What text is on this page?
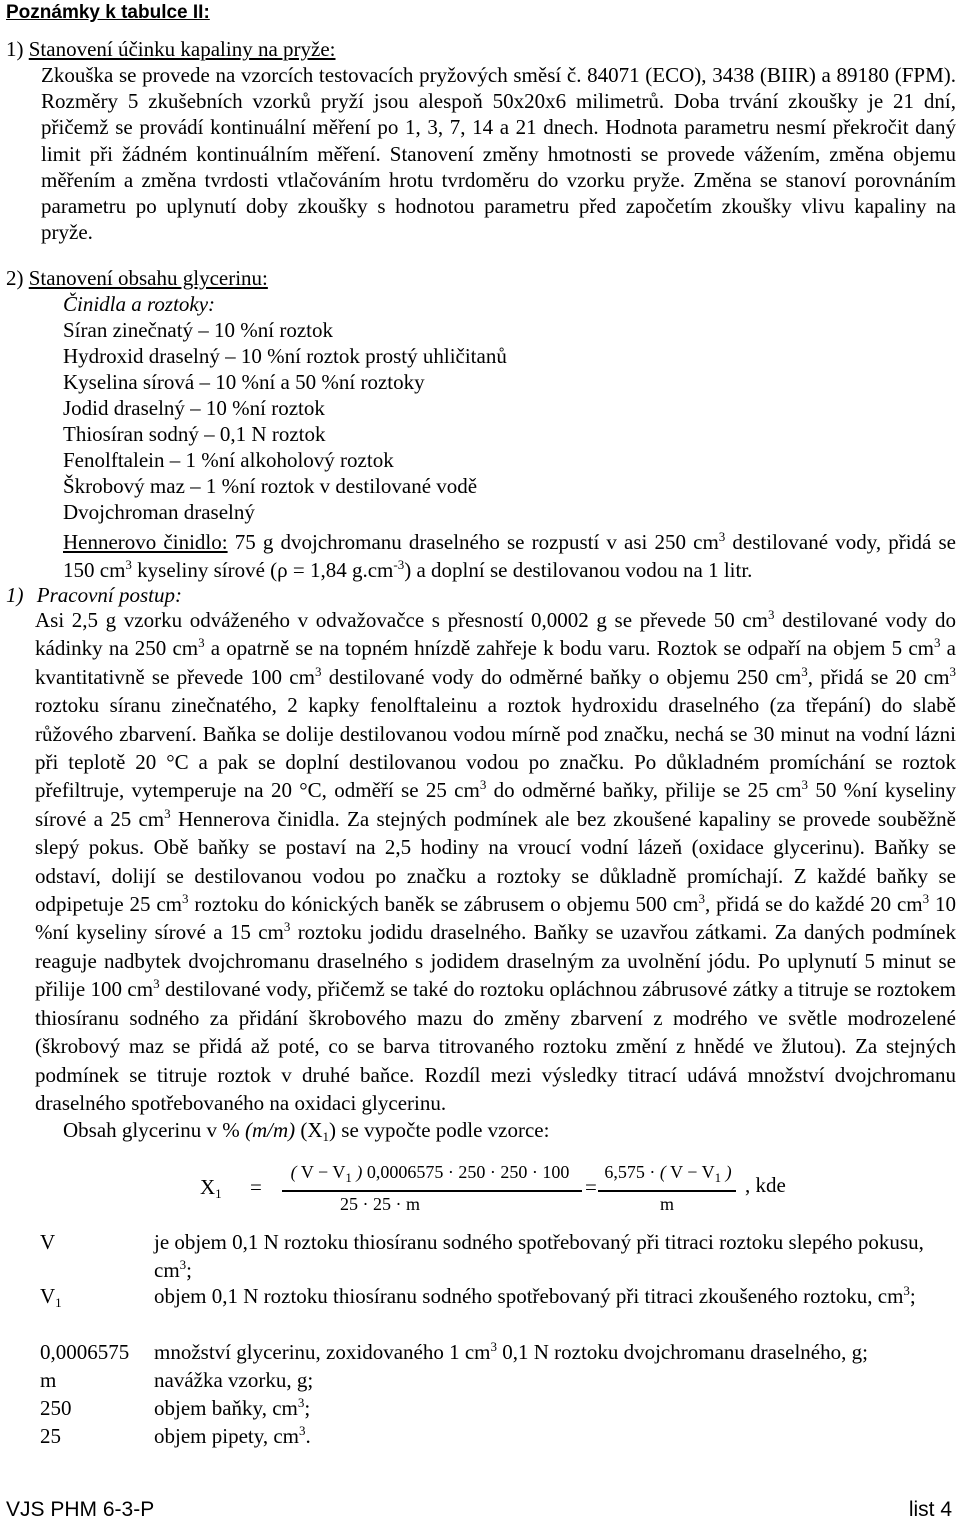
Poznámky k tabulce II:
1) Stanovení účinku kapaliny na pryže:
Zkouška se provede na vzorcích testovacích pryžových směsí č. 84071 (ECO), 3438 (BIIR) a 89180 (FPM). Rozměry 5 zkušebních vzorků pryží jsou alespoň 50x20x6 milimetrů. Doba trvání zkoušky je 21 dní, přičemž se provádí kontinuální měření po 1, 3, 7, 14 a 21 dnech. Hodnota parametru nesmí překročit daný limit při žádném kontinuálním měření. Stanovení změny hmotnosti se provede vážením, změna objemu měřením a změna tvrdosti vtlačováním hrotu tvrdoměru do vzorku pryže. Změna se stanoví porovnáním parametru po uplynutí doby zkoušky s hodnotou parametru před započetím zkoušky vlivu kapaliny na pryže.
2) Stanovení obsahu glycerinu:
Činidla a roztoky:
Síran zinečnatý – 10 %ní roztok
Hydroxid draselný – 10 %ní roztok prostý uhličitanů
Kyselina sírová – 10 %ní a 50 %ní roztoky
Jodid draselný – 10 %ní roztok
Thiosíran sodný – 0,1 N roztok
Fenolftalein – 1 %ní alkoholový roztok
Škrobový maz – 1 %ní roztok v destilované vodě
Dvojchroman draselný
Hennerovo činidlo: 75 g dvojchromanu draselného se rozpustí v asi 250 $cm^3$ destilované vody, přidá se 150 $cm^3$ kyseliny sírové (ρ = 1,84 $g.cm^{-3}$) a doplní se destilovanou vodou na 1 litr.
1) Pracovní postup:
Asi 2,5 g vzorku odváženého v odvažovačce s přesností 0,0002 g se převede 50 $cm^3$ destilované vody do kádinky na 250 $cm^3$ a opatrně se na topném hnízdě zahřeje k bodu varu. Roztok se odpaří na objem 5 $cm^3$ a kvantitativně se převede 100 $cm^3$ destilované vody do odměrné baňky o objemu 250 $cm^3$, přidá se 20 $cm^3$ roztoku síranu zinečnatého, 2 kapky fenolftaleinu a roztok hydroxidu draselného (za třepání) do slabě růžového zbarvení. Baňka se dolije destilovanou vodou mírně pod značku, nechá se 30 minut na vodní lázni při teplotě 20 °C a pak se doplní destilovanou vodou po značku. Po důkladném promíchání se roztok přefiltruje, vytemperuje na 20 °C, odměří se 25 $cm^3$ do odměrné baňky, přilije se 25 $cm^3$ 50 %ní kyseliny sírové a 25 $cm^3$ Hennerova činidla. Za stejných podmínek ale bez zkoušené kapaliny se provede souběžně slepý pokus. Obě baňky se postaví na 2,5 hodiny na vroucí vodní lázeň (oxidace glycerinu). Baňky se odstaví, dolijí se destilovanou vodou po značku a roztoky se důkladně promíchají. Z každé baňky se odpipetuje 25 $cm^3$ roztoku do kónických baněk se zábrusem o objemu 500 $cm^3$, přidá se do každé 20 $cm^3$ 10 %ní kyseliny sírové a 15 $cm^3$ roztoku jodidu draselného. Baňky se uzavřou zátkami. Za daných podmínek reaguje nadbytek dvojchromanu draselného s jodidem draselným za uvolnění jódu. Po uplynutí 5 minut se přilije 100 $cm^3$ destilované vody, přičemž se také do roztoku opláchnou zábrusové zátky a titruje se roztokem thiosíranu sodného za přidání škrobového mazu do změny zbarvení z modrého ve světle modrozelené (škrobový maz se přidá až poté, co se barva titrovaného roztoku změní z hnědé ve žlutou). Za stejných podmínek se titruje roztok v druhé baňce. Rozdíl mezi výsledky titrací udává množství dvojchromanu draselného spotřebovaného na oxidaci glycerinu.
Obsah glycerinu v % (m/m) $(X_1)$ se vypočte podle vzorce:
$X_1$ =
( $V - V_1$ ) 0,0006575 · 250 · 250 · 100
25 · 25 · m
=
6,575 · ( $V - V_1$ )
m
, kde
V	je objem 0,1 N roztoku thiosíranu sodného spotřebovaný při titraci roztoku slepého pokusu, $cm^3$;
$V_1$	objem 0,1 N roztoku thiosíranu sodného spotřebovaný při titraci zkoušeného roztoku, $cm^3$;
0,0006575 množství glycerinu, zoxidovaného 1 $cm^3$ 0,1 N roztoku dvojchromanu draselného, g;
m	navážka vzorku, g;
250	objem baňky, $cm^3$;
25	objem pipety, $cm^3$.
VJS PHM 6-3-P	list 4
